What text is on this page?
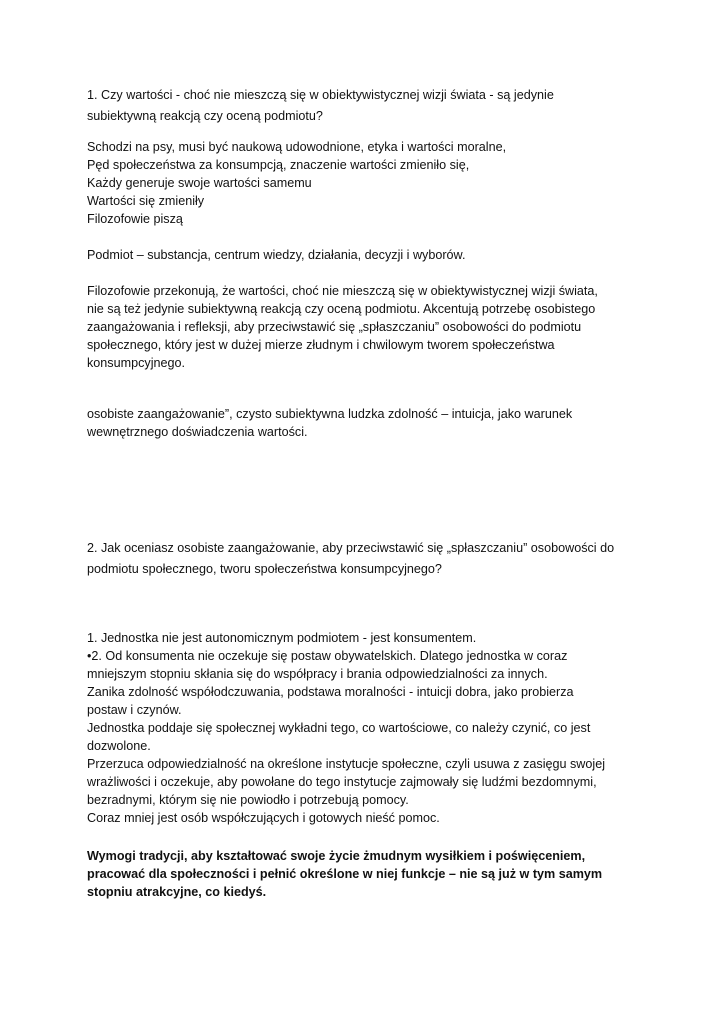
1. Czy wartości - choć nie mieszczą się w obiektywistycznej wizji świata - są jedynie
subiektywną reakcją czy oceną podmiotu?
Schodzi na psy, musi być naukową udowodnione, etyka i wartości moralne,
Pęd społeczeństwa za konsumpcją, znaczenie wartości zmieniło się,
Każdy generuje swoje wartości samemu
Wartości się zmieniły
Filozofowie piszą
Podmiot – substancja, centrum wiedzy, działania, decyzji i wyborów.
Filozofowie przekonują, że wartości, choć nie mieszczą się w obiektywistycznej wizji świata,
nie są też jedynie subiektywną reakcją czy oceną podmiotu. Akcentują potrzebę osobistego
zaangażowania i refleksji, aby przeciwstawić się „spłaszczaniu” osobowości do podmiotu
społecznego, który jest w dużej mierze złudnym i chwilowym tworem społeczeństwa
konsumpcyjnego.
osobiste zaangażowanie”, czysto subiektywna ludzka zdolność – intuicja, jako warunek
wewnętrznego doświadczenia wartości.
2. Jak oceniasz osobiste zaangażowanie, aby przeciwstawić się „spłaszczaniu” osobowości do
podmiotu społecznego, tworu społeczeństwa konsumpcyjnego?
1. Jednostka nie jest autonomicznym podmiotem - jest konsumentem.
•2. Od konsumenta nie oczekuje się postaw obywatelskich. Dlatego jednostka w coraz
mniejszym stopniu skłania się do współpracy i brania odpowiedzialności za innych.
Zanika zdolność współodczuwania, podstawa moralności - intuicji dobra, jako probierza
postaw i czynów.
Jednostka poddaje się społecznej wykładni tego, co wartościowe, co należy czynić, co jest
dozwolone.
Przerzuca odpowiedzialność na określone instytucje społeczne, czyli usuwa z zasięgu swojej
wrażliwości i oczekuje, aby powołane do tego instytucje zajmowały się ludźmi bezdomnymi,
bezradnymi, którym się nie powiodło i potrzebują pomocy.
Coraz mniej jest osób współczujących i gotowych nieść pomoc.
Wymogi tradycji, aby kształtować swoje życie żmudnym wysiłkiem i poświęceniem,
pracować dla społeczności i pełnić określone w niej funkcje – nie są już w tym samym
stopniu atrakcyjne, co kiedyś.
